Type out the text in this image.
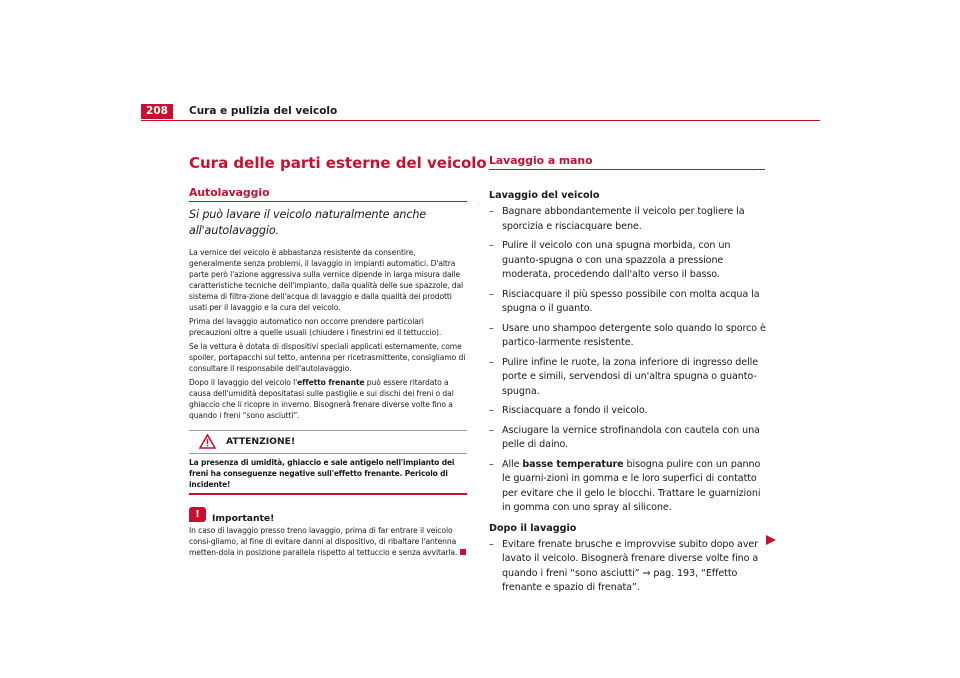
208	Cura e pulizia del veicolo
Cura delle parti esterne del veicolo
Autolavaggio

Si può lavare il veicolo naturalmente anche all'autolavaggio.

La vernice del veicolo è abbastanza resistente da consentire, generalmente senza problemi, il lavaggio in impianti automatici. D'altra parte però l'azione aggressiva sulla vernice dipende in larga misura dalle caratteristiche tecniche dell'impianto, dalla qualità delle sue spazzole, dal sistema di filtra-zione dell'acqua di lavaggio e dalla qualità dei prodotti usati per il lavaggio e la cura del veicolo.

Prima del lavaggio automatico non occorre prendere particolari precauzioni oltre a quelle usuali (chiudere i finestrini ed il tettuccio).

Se la vettura è dotata di dispositivi speciali applicati esternamente, come spoiler, portapacchi sul tetto, antenna per ricetrasmittente, consigliamo di consultare il responsabile dell'autolavaggio.

Dopo il lavaggio del veicolo l'effetto frenante può essere ritardato a causa dell'umidità depositatasi sulle pastiglie e sui dischi dei freni o dal ghiaccio che li ricopre in inverno. Bisognerà frenare diverse volte fino a quando i freni “sono asciutti”.

ATTENZIONE!

La presenza di umidità, ghiaccio e sale antigelo nell'impianto dei freni ha conseguenze negative sull'effetto frenante. Pericolo di incidente!

!	Importante!

In caso di lavaggio presso treno lavaggio, prima di far entrare il veicolo consi-gliamo, al fine di evitare danni al dispositivo, di ribaltare l'antenna metten-dola in posizione parallela rispetto al tettuccio e senza avvitarla.

Lavaggio a mano
Lavaggio del veicolo
– Bagnare abbondantemente il veicolo per togliere la sporcizia e risciacquare bene.
– Pulire il veicolo con una spugna morbida, con un guanto-spugna o con una spazzola a pressione moderata, procedendo dall'alto verso il basso.
– Risciacquare il più spesso possibile con molta acqua la spugna o il guanto.
– Usare uno shampoo detergente solo quando lo sporco è partico-larmente resistente.
– Pulire infine le ruote, la zona inferiore di ingresso delle porte e simili, servendosi di un'altra spugna o guanto-spugna.
– Risciacquare a fondo il veicolo.
– Asciugare la vernice strofinandola con cautela con una pelle di daino.
– Alle basse temperature bisogna pulire con un panno le guarni-zioni in gomma e le loro superfici di contatto per evitare che il gelo le blocchi. Trattare le guarnizioni in gomma con uno spray al silicone.
Dopo il lavaggio
– Evitare frenate brusche e improvvise subito dopo aver lavato il veicolo. Bisognerà frenare diverse volte fino a quando i freni “sono asciutti” ⇒ pag. 193, “Effetto frenante e spazio di frenata”.
